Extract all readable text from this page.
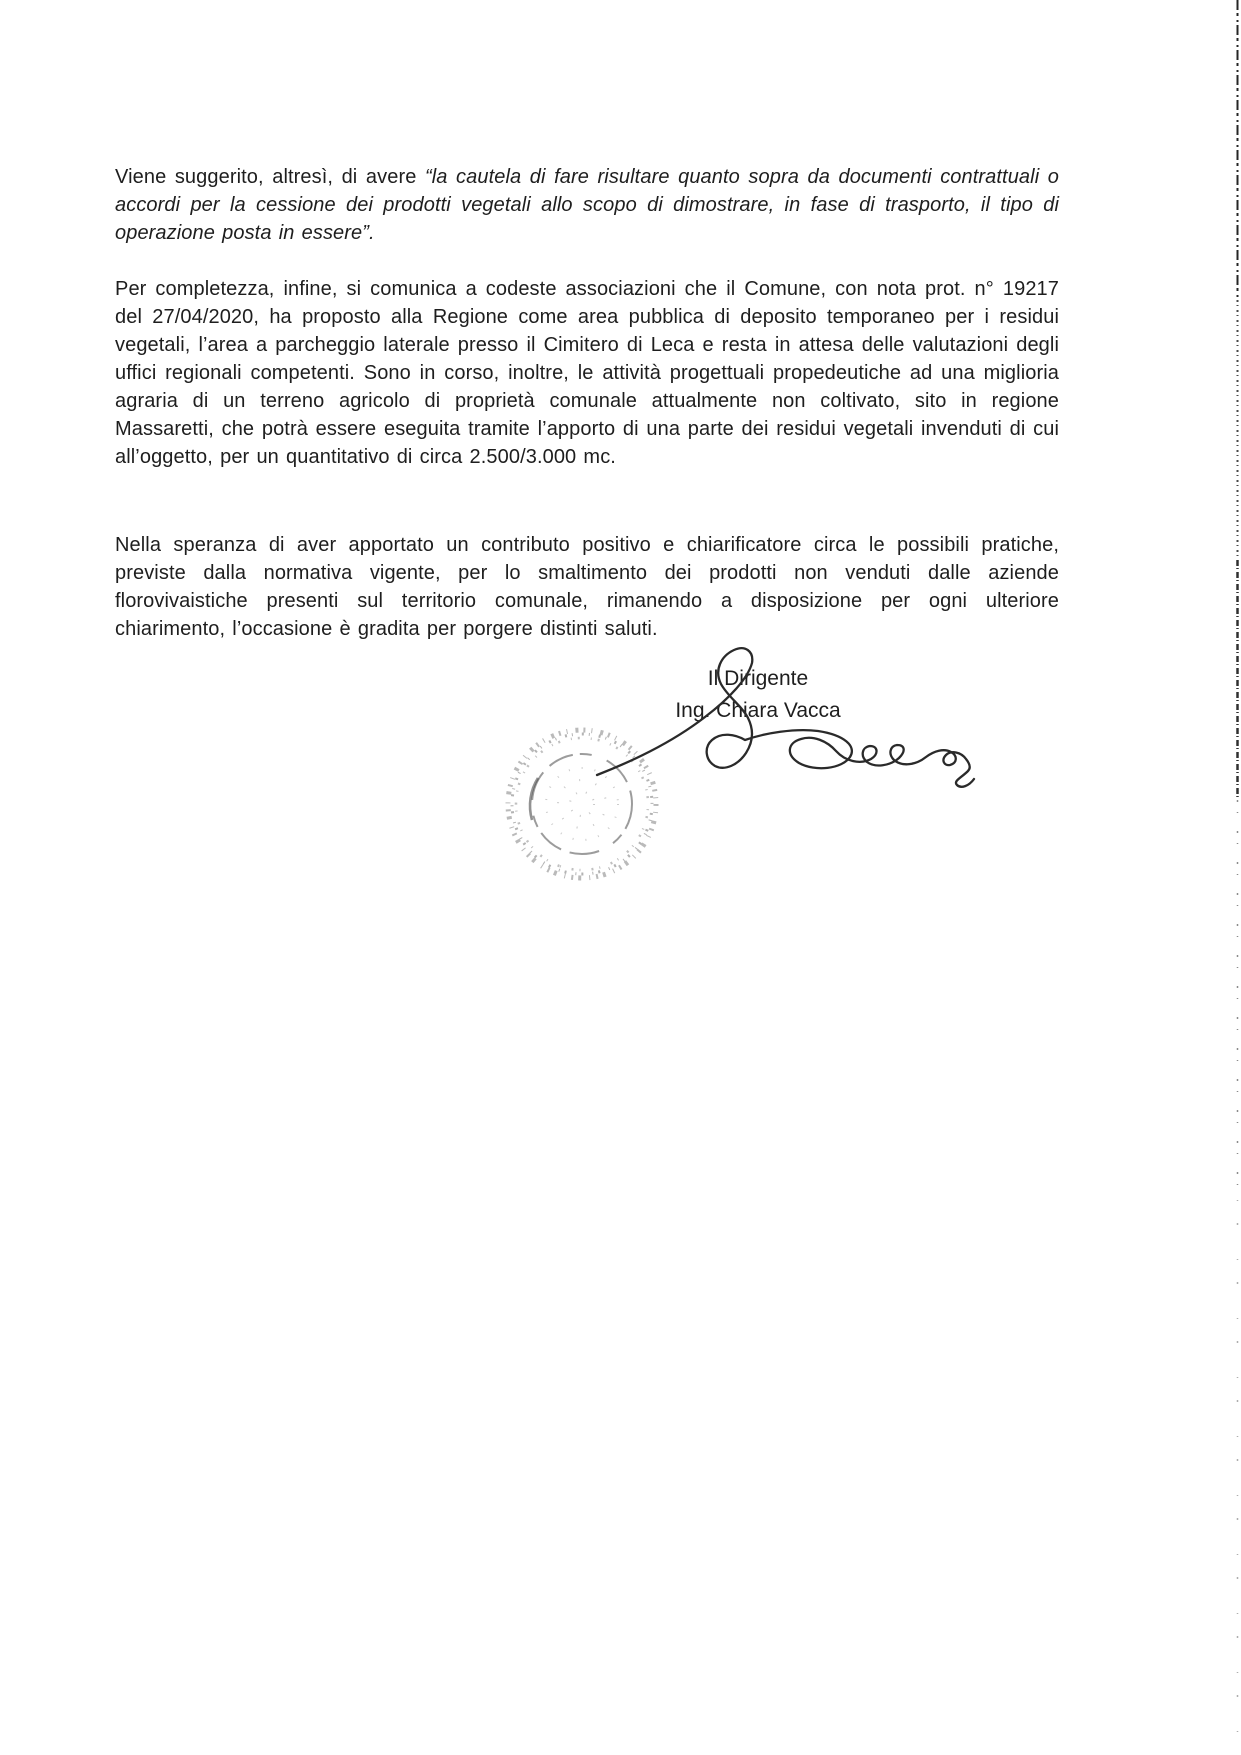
Viene suggerito, altresì, di avere “la cautela di fare risultare quanto sopra da documenti contrattuali o accordi per la cessione dei prodotti vegetali allo scopo di dimostrare, in fase di trasporto, il tipo di operazione posta in essere”.

Per completezza, infine, si comunica a codeste associazioni che il Comune, con nota prot. n° 19217 del 27/04/2020, ha proposto alla Regione come area pubblica di deposito temporaneo per i residui vegetali, l’area a parcheggio laterale presso il Cimitero di Leca e resta in attesa delle valutazioni degli uffici regionali competenti. Sono in corso, inoltre, le attività progettuali propedeutiche ad una miglioria agraria di un terreno agricolo di proprietà comunale attualmente non coltivato, sito in regione Massaretti, che potrà essere eseguita tramite l’apporto di una parte dei residui vegetali invenduti di cui all’oggetto, per un quantitativo di circa 2.500/3.000 mc.

Nella speranza di aver apportato un contributo positivo e chiarificatore circa le possibili pratiche, previste dalla normativa vigente, per lo smaltimento dei prodotti non venduti dalle aziende florovivaistiche presenti sul territorio comunale, rimanendo a disposizione per ogni ulteriore chiarimento, l’occasione è gradita per porgere distinti saluti.

Il Dirigente
Ing. Chiara Vacca
